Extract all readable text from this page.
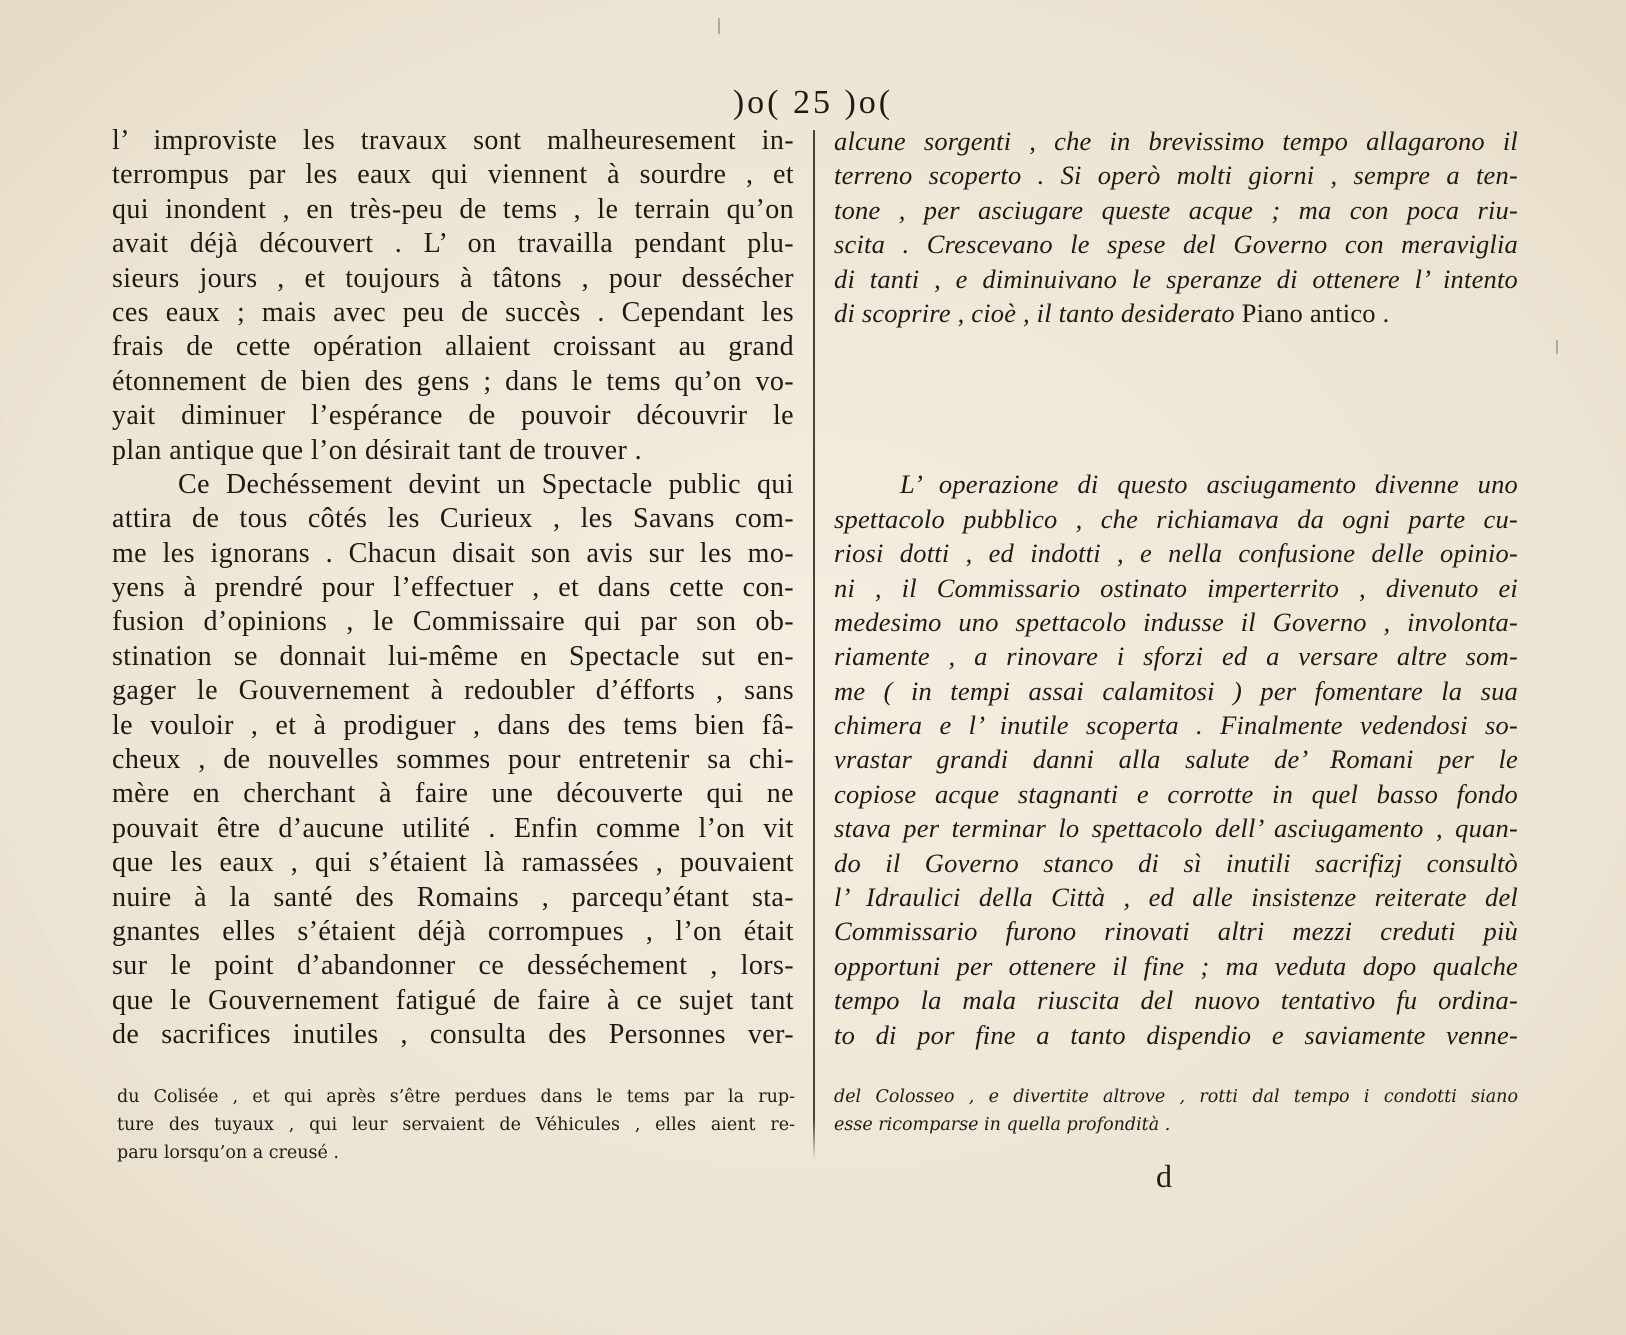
)o( 25 )o(
l’ improviste les travaux sont malheuresement in-
terrompus par les eaux qui viennent à sourdre , et
qui inondent , en très-peu de tems , le terrain qu’on
avait déjà découvert . L’ on travailla pendant plu-
sieurs jours , et toujours à tâtons , pour dessécher
ces eaux ; mais avec peu de succès . Cependant les
frais de cette opération allaient croissant au grand
étonnement de bien des gens ; dans le tems qu’on vo-
yait diminuer l’espérance de pouvoir découvrir le
plan antique que l’on désirait tant de trouver .
Ce Dechéssement devint un Spectacle public qui
attira de tous côtés les Curieux , les Savans com-
me les ignorans . Chacun disait son avis sur les mo-
yens à prendré pour l’effectuer , et dans cette con-
fusion d’opinions , le Commissaire qui par son ob-
stination se donnait lui-même en Spectacle sut en-
gager le Gouvernement à redoubler d’éfforts , sans
le vouloir , et à prodiguer , dans des tems bien fâ-
cheux , de nouvelles sommes pour entretenir sa chi-
mère en cherchant à faire une découverte qui ne
pouvait être d’aucune utilité . Enfin comme l’on vit
que les eaux , qui s’étaient là ramassées , pouvaient
nuire à la santé des Romains , parcequ’étant sta-
gnantes elles s’étaient déjà corrompues , l’on était
sur le point d’abandonner ce desséchement , lors-
que le Gouvernement fatigué de faire à ce sujet tant
de sacrifices inutiles , consulta des Personnes ver-
alcune sorgenti , che in brevissimo tempo allagarono il
terreno scoperto . Si operò molti giorni , sempre a ten-
tone , per asciugare queste acque ; ma con poca riu-
scita . Crescevano le spese del Governo con meraviglia
di tanti , e diminuivano le speranze di ottenere l’ intento
di scoprire , cioè , il tanto desiderato Piano antico .
L’ operazione di questo asciugamento divenne uno
spettacolo pubblico , che richiamava da ogni parte cu-
riosi dotti , ed indotti , e nella confusione delle opinio-
ni , il Commissario ostinato imperterrito , divenuto ei
medesimo uno spettacolo indusse il Governo , involonta-
riamente , a rinovare i sforzi ed a versare altre som-
me ( in tempi assai calamitosi ) per fomentare la sua
chimera e l’ inutile scoperta . Finalmente vedendosi so-
vrastar grandi danni alla salute de’ Romani per le
copiose acque stagnanti e corrotte in quel basso fondo
stava per terminar lo spettacolo dell’ asciugamento , quan-
do il Governo stanco di sì inutili sacrifizj consultò
l’ Idraulici della Città , ed alle insistenze reiterate del
Commissario furono rinovati altri mezzi creduti più
opportuni per ottenere il fine ; ma veduta dopo qualche
tempo la mala riuscita del nuovo tentativo fu ordina-
to di por fine a tanto dispendio e saviamente venne-
du Colisée , et qui après s’être perdues dans le tems par la rup-
ture des tuyaux , qui leur servaient de Véhicules , elles aient re-
paru lorsqu’on a creusé .
del Colosseo , e divertite altrove , rotti dal tempo i condotti siano
esse ricomparse in quella profondità .
d
